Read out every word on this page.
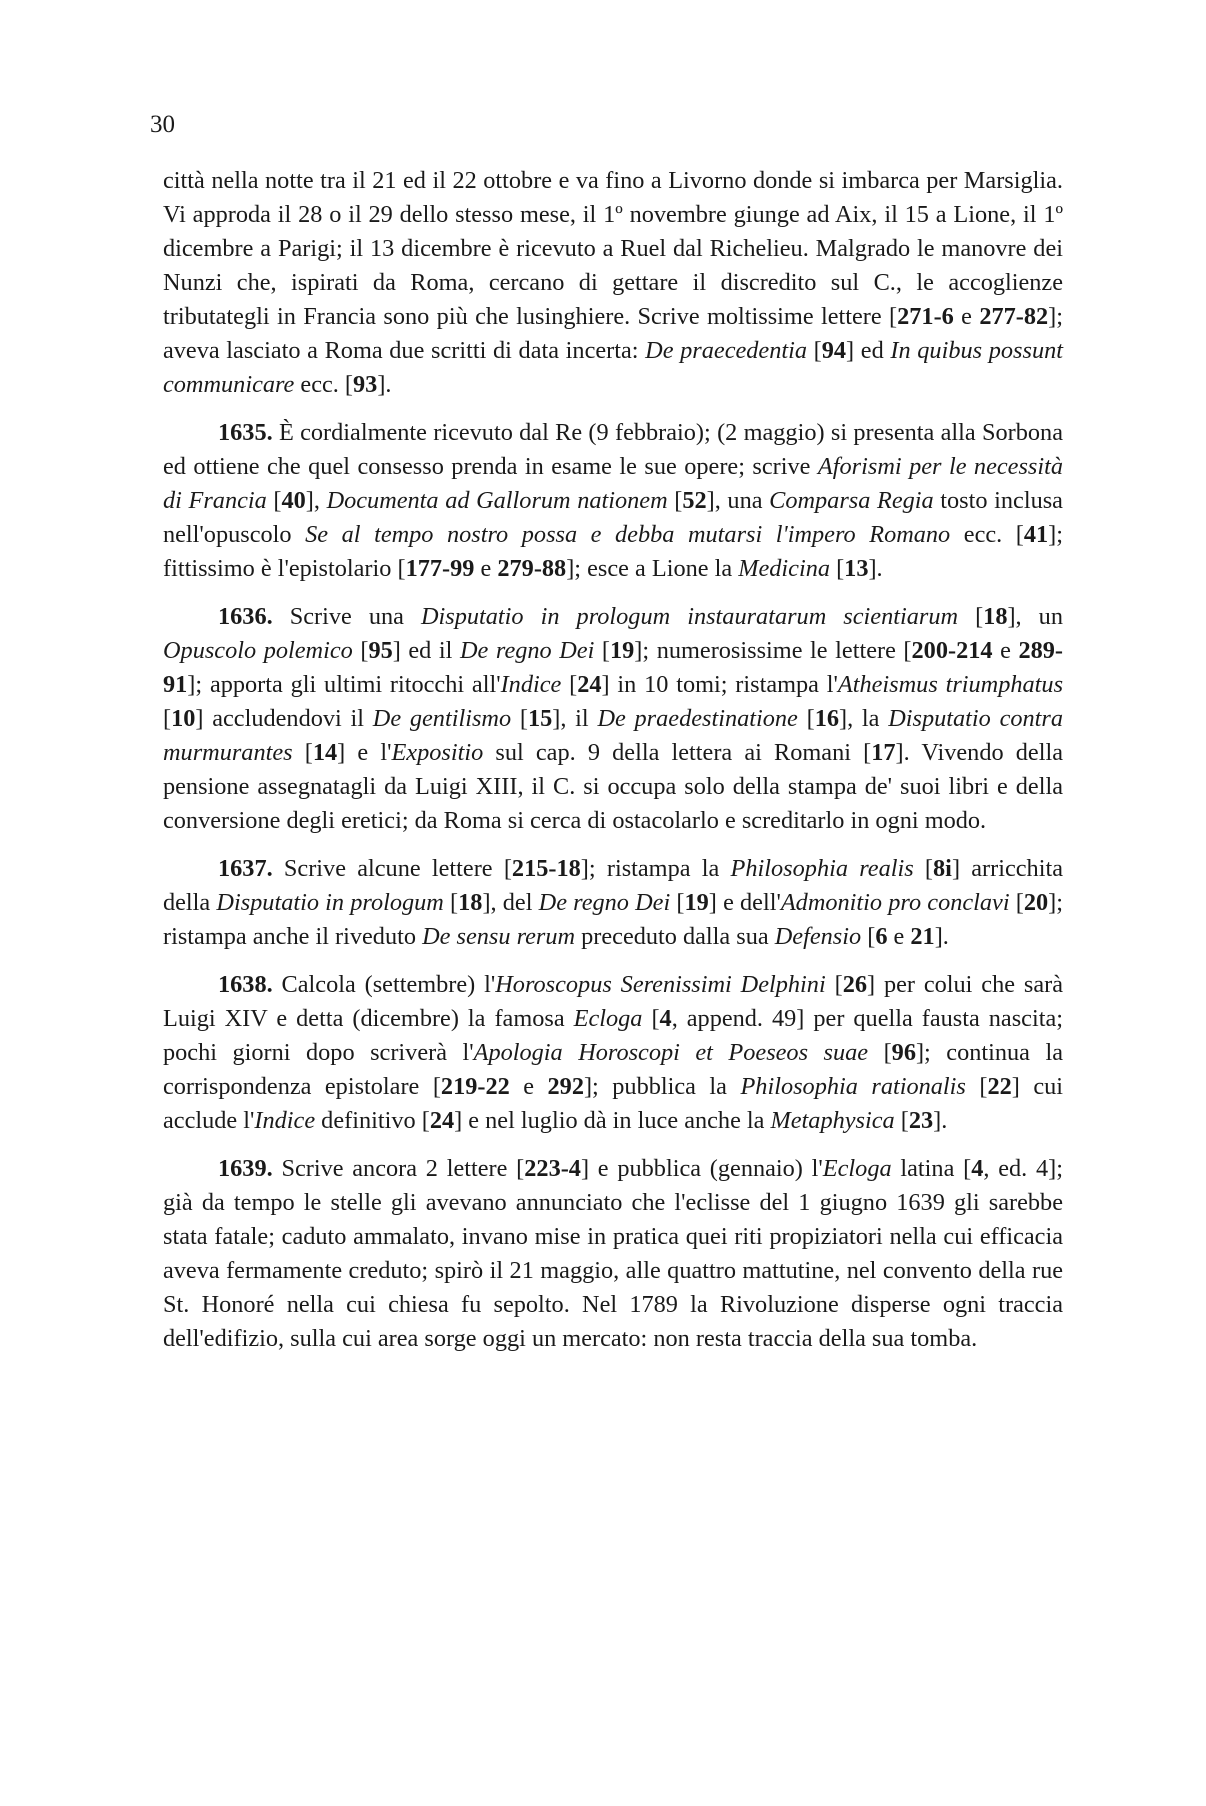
30

città nella notte tra il 21 ed il 22 ottobre e va fino a Livorno donde si imbarca per Marsiglia. Vi approda il 28 o il 29 dello stesso mese, il 1º novembre giunge ad Aix, il 15 a Lione, il 1º dicembre a Parigi; il 13 dicembre è ricevuto a Ruel dal Richelieu. Malgrado le manovre dei Nunzi che, ispirati da Roma, cercano di gettare il discredito sul C., le accoglienze tributategli in Francia sono più che lusinghiere. Scrive moltissime lettere [271-6 e 277-82]; aveva lasciato a Roma due scritti di data incerta: De praecedentia [94] ed In quibus possunt communicare ecc. [93].

1635. È cordialmente ricevuto dal Re (9 febbraio); (2 maggio) si presenta alla Sorbona ed ottiene che quel consesso prenda in esame le sue opere; scrive Aforismi per le necessità di Francia [40], Documenta ad Gallorum nationem [52], una Comparsa Regia tosto inclusa nell'opuscolo Se al tempo nostro possa e debba mutarsi l'impero Romano ecc. [41]; fittissimo è l'epistolario [177-99 e 279-88]; esce a Lione la Medicina [13].

1636. Scrive una Disputatio in prologum instauratarum scientiarum [18], un Opuscolo polemico [95] ed il De regno Dei [19]; numerosissime le lettere [200-214 e 289-91]; apporta gli ultimi ritocchi all'Indice [24] in 10 tomi; ristampa l'Atheismus triumphatus [10] accludendovi il De gentilismo [15], il De praedestinatione [16], la Disputatio contra murmurantes [14] e l'Expositio sul cap. 9 della lettera ai Romani [17]. Vivendo della pensione assegnatagli da Luigi XIII, il C. si occupa solo della stampa de' suoi libri e della conversione degli eretici; da Roma si cerca di ostacolarlo e screditarlo in ogni modo.

1637. Scrive alcune lettere [215-18]; ristampa la Philosophia realis [8i] arricchita della Disputatio in prologum [18], del De regno Dei [19] e dell'Admonitio pro conclavi [20]; ristampa anche il riveduto De sensu rerum preceduto dalla sua Defensio [6 e 21].

1638. Calcola (settembre) l'Horoscopus Serenissimi Delphini [26] per colui che sarà Luigi XIV e detta (dicembre) la famosa Ecloga [4, append. 49] per quella fausta nascita; pochi giorni dopo scriverà l'Apologia Horoscopi et Poeseos suae [96]; continua la corrispondenza epistolare [219-22 e 292]; pubblica la Philosophia rationalis [22] cui acclude l'Indice definitivo [24] e nel luglio dà in luce anche la Metaphysica [23].

1639. Scrive ancora 2 lettere [223-4] e pubblica (gennaio) l'Ecloga latina [4, ed. 4]; già da tempo le stelle gli avevano annunciato che l'eclisse del 1 giugno 1639 gli sarebbe stata fatale; caduto ammalato, invano mise in pratica quei riti propiziatori nella cui efficacia aveva fermamente creduto; spirò il 21 maggio, alle quattro mattutine, nel convento della rue St. Honoré nella cui chiesa fu sepolto. Nel 1789 la Rivoluzione disperse ogni traccia dell'edifizio, sulla cui area sorge oggi un mercato: non resta traccia della sua tomba.
